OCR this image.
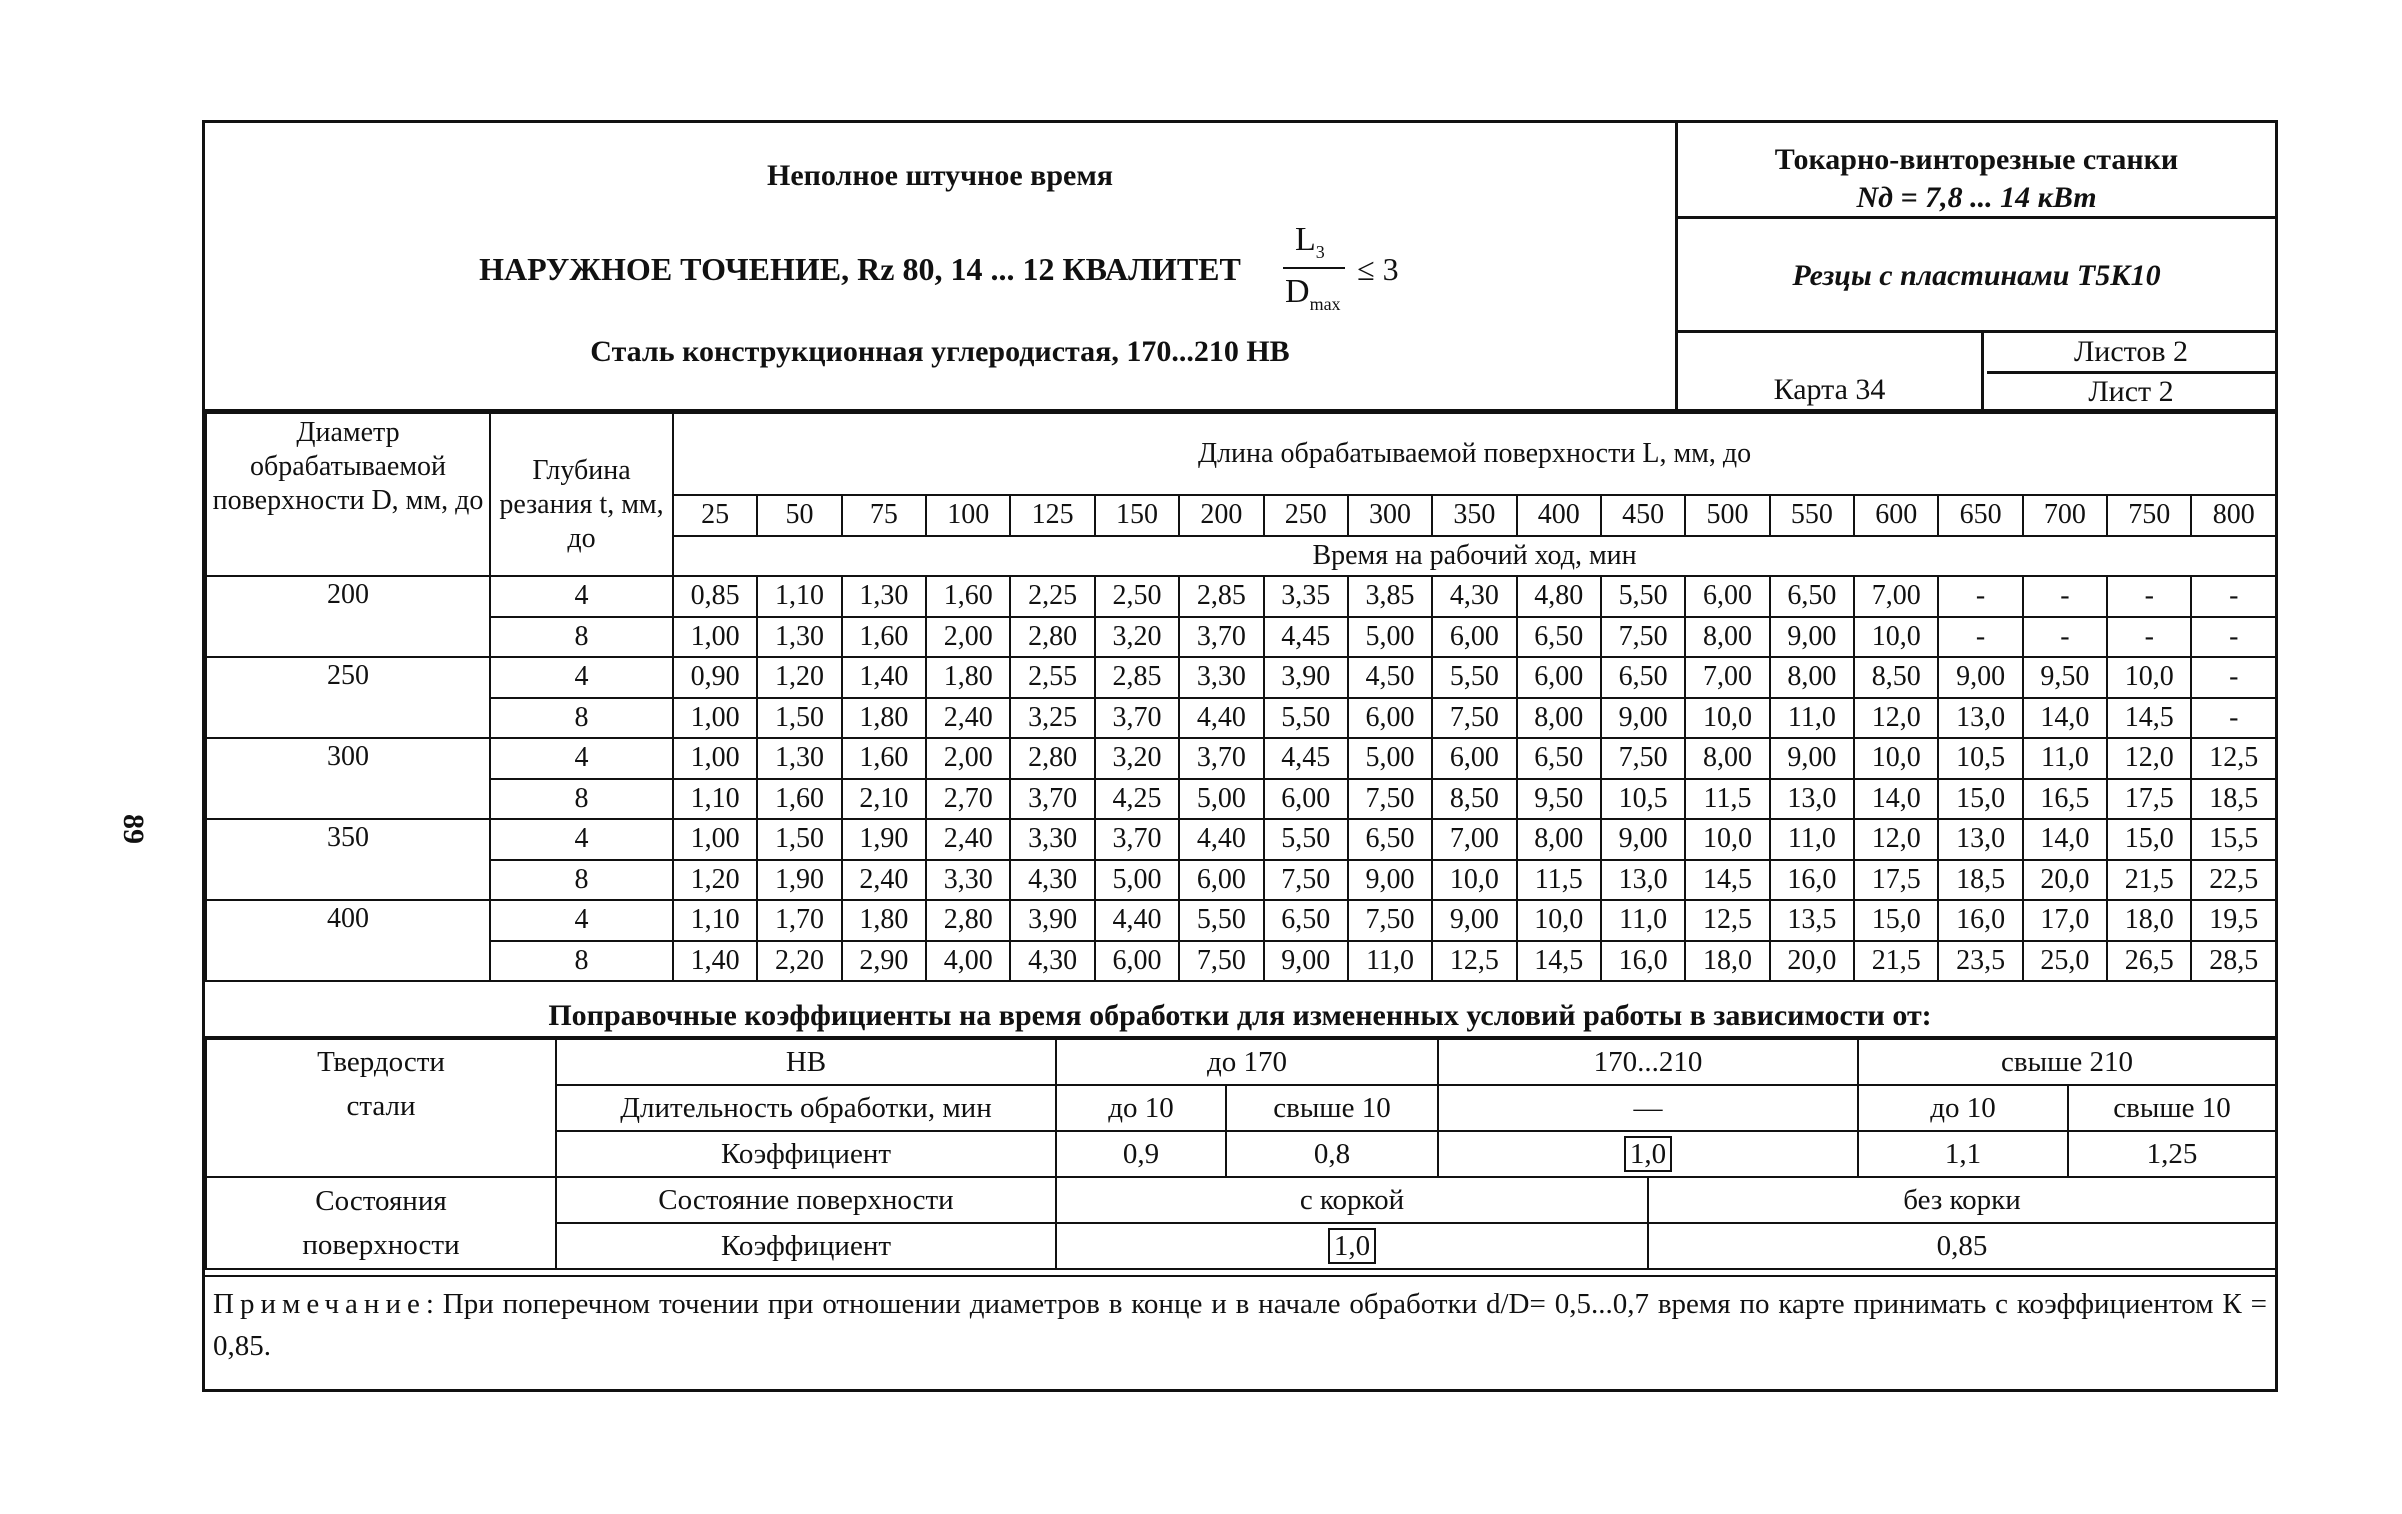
89
Неполное штучное время
НАРУЖНОЕ ТОЧЕНИЕ, Rz 80, 14 ... 12 КВАЛИТЕТ
$L_3$
$D_{max}$
≤ 3
Сталь конструкционная углеродистая, 170...210 НВ
Токарно-винторезные станки
Nд = 7,8 ... 14 кВт
Резцы с пластинами Т5К10
Карта 34
Листов 2
Лист 2
Диаметр обрабатываемой поверхности D, мм, до	Глубина резания t, мм, до	Длина обрабатываемой поверхности L, мм, до																		
		25	50	75	100	125	150	200	250	300	350	400	450	500	550	600	650	700	750	800
		Время на рабочий ход, мин																		
200	4	0,85	1,10	1,30	1,60	2,25	2,50	2,85	3,35	3,85	4,30	4,80	5,50	6,00	6,50	7,00	-	-	-	-
	8	1,00	1,30	1,60	2,00	2,80	3,20	3,70	4,45	5,00	6,00	6,50	7,50	8,00	9,00	10,0	-	-	-	-
250	4	0,90	1,20	1,40	1,80	2,55	2,85	3,30	3,90	4,50	5,50	6,00	6,50	7,00	8,00	8,50	9,00	9,50	10,0	-
	8	1,00	1,50	1,80	2,40	3,25	3,70	4,40	5,50	6,00	7,50	8,00	9,00	10,0	11,0	12,0	13,0	14,0	14,5	-
300	4	1,00	1,30	1,60	2,00	2,80	3,20	3,70	4,45	5,00	6,00	6,50	7,50	8,00	9,00	10,0	10,5	11,0	12,0	12,5
	8	1,10	1,60	2,10	2,70	3,70	4,25	5,00	6,00	7,50	8,50	9,50	10,5	11,5	13,0	14,0	15,0	16,5	17,5	18,5
350	4	1,00	1,50	1,90	2,40	3,30	3,70	4,40	5,50	6,50	7,00	8,00	9,00	10,0	11,0	12,0	13,0	14,0	15,0	15,5
	8	1,20	1,90	2,40	3,30	4,30	5,00	6,00	7,50	9,00	10,0	11,5	13,0	14,5	16,0	17,5	18,5	20,0	21,5	22,5
400	4	1,10	1,70	1,80	2,80	3,90	4,40	5,50	6,50	7,50	9,00	10,0	11,0	12,5	13,5	15,0	16,0	17,0	18,0	19,5
	8	1,40	2,20	2,90	4,00	4,30	6,00	7,50	9,00	11,0	12,5	14,5	16,0	18,0	20,0	21,5	23,5	25,0	26,5	28,5
Поправочные коэффициенты на время обработки для измененных условий работы в зависимости от:
Твердости
стали	НВ	до 170		170...210		свыше 210	
	Длительность обработки, мин	до 10	свыше 10	—		до 10	свыше 10
	Коэффициент	0,9	0,8	1,0		1,1	1,25

Состояния
поверхности	Состояние поверхности	с коркой			без корки		
	Коэффициент	1,0			0,85		
Примечание: При поперечном точении при отношении диаметров в конце и в начале обработки d/D= 0,5...0,7 время по карте принимать с коэффициентом К = 0,85.
